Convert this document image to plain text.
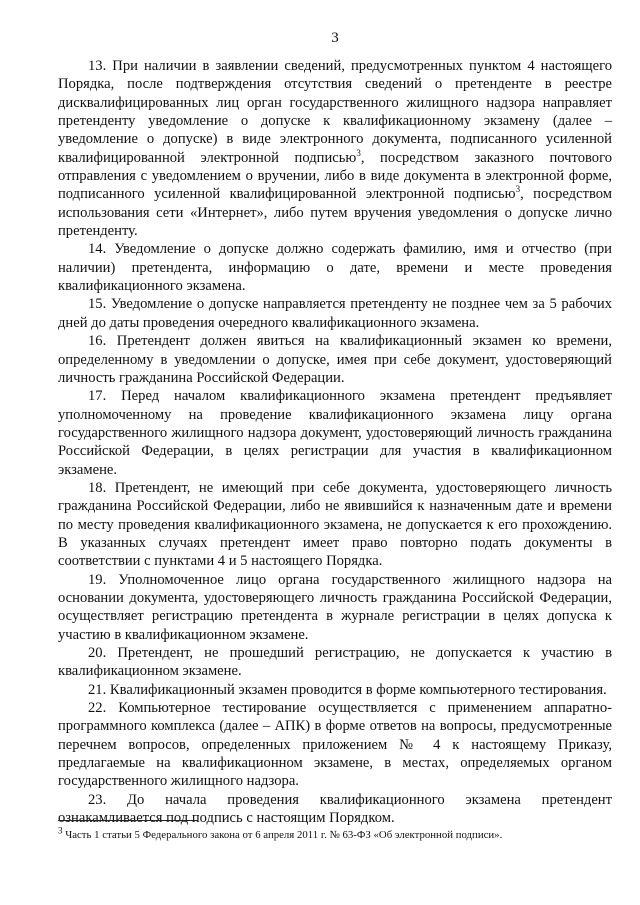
3

13. При наличии в заявлении сведений, предусмотренных пунктом 4 настоящего Порядка, после подтверждения отсутствия сведений о претенденте в реестре дисквалифицированных лиц орган государственного жилищного надзора направляет претенденту уведомление о допуске к квалификационному экзамену (далее – уведомление о допуске) в виде электронного документа, подписанного усиленной квалифицированной электронной подписью$^3$, посредством заказного почтового отправления с уведомлением о вручении, либо в виде документа в электронной форме, подписанного усиленной квалифицированной электронной подписью$^3$, посредством использования сети «Интернет», либо путем вручения уведомления о допуске лично претенденту.

14. Уведомление о допуске должно содержать фамилию, имя и отчество (при наличии) претендента, информацию о дате, времени и месте проведения квалификационного экзамена.

15. Уведомление о допуске направляется претенденту не позднее чем за 5 рабочих дней до даты проведения очередного квалификационного экзамена.

16. Претендент должен явиться на квалификационный экзамен ко времени, определенному в уведомлении о допуске, имея при себе документ, удостоверяющий личность гражданина Российской Федерации.

17. Перед началом квалификационного экзамена претендент предъявляет уполномоченному на проведение квалификационного экзамена лицу органа государственного жилищного надзора документ, удостоверяющий личность гражданина Российской Федерации, в целях регистрации для участия в квалификационном экзамене.

18. Претендент, не имеющий при себе документа, удостоверяющего личность гражданина Российской Федерации, либо не явившийся к назначенным дате и времени по месту проведения квалификационного экзамена, не допускается к его прохождению. В указанных случаях претендент имеет право повторно подать документы в соответствии с пунктами 4 и 5 настоящего Порядка.

19. Уполномоченное лицо органа государственного жилищного надзора на основании документа, удостоверяющего личность гражданина Российской Федерации, осуществляет регистрацию претендента в журнале регистрации в целях допуска к участию в квалификационном экзамене.

20. Претендент, не прошедший регистрацию, не допускается к участию в квалификационном экзамене.

21. Квалификационный экзамен проводится в форме компьютерного тестирования.

22. Компьютерное тестирование осуществляется с применением аппаратно-программного комплекса (далее – АПК) в форме ответов на вопросы, предусмотренные перечнем вопросов, определенных приложением № 4 к настоящему Приказу, предлагаемые на квалификационном экзамене, в местах, определяемых органом государственного жилищного надзора.

23. До начала проведения квалификационного экзамена претендент ознакамливается под подпись с настоящим Порядком.

$^3$ Часть 1 статьи 5 Федерального закона от 6 апреля 2011 г. № 63-ФЗ «Об электронной подписи».
